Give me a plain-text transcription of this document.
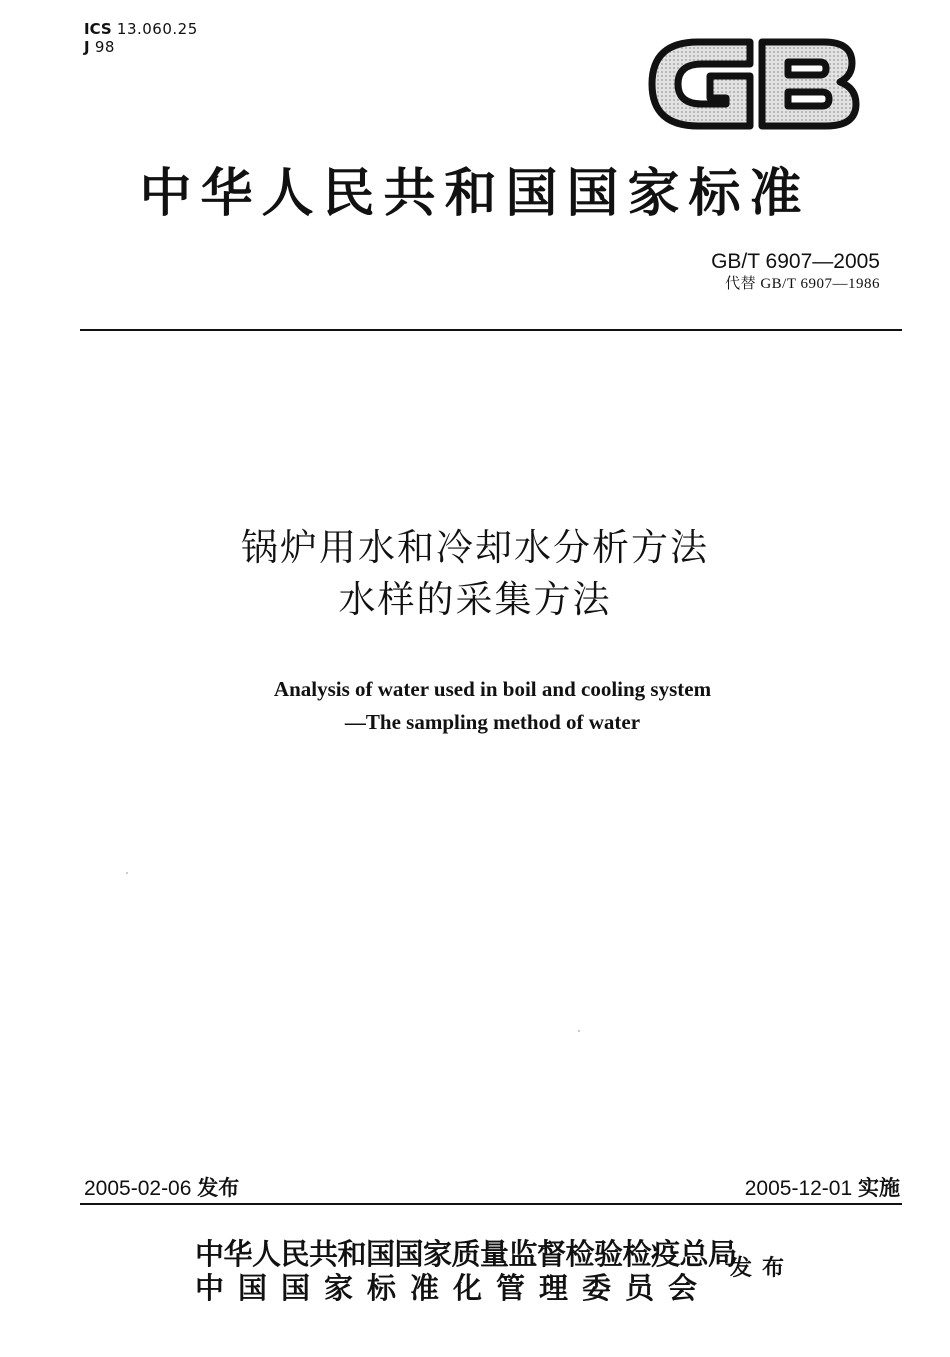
ICS 13.060.25
J 98
中华人民共和国国家标准
GB/T 6907—2005
代替 GB/T 6907—1986
锅炉用水和冷却水分析方法
水样的采集方法
Analysis of water used in boil and cooling system
—The sampling method of water
2005-02-06 发布	2005-12-01 实施
中华人民共和国国家质量监督检验检疫总局
中国国家标准化管理委员会
发布
